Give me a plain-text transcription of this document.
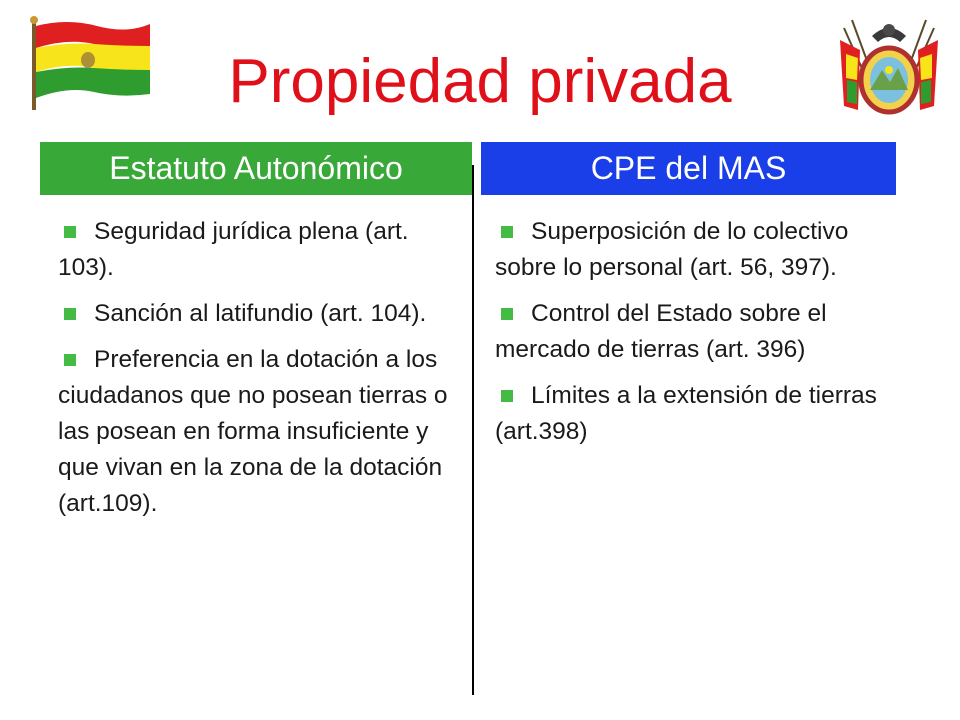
Propiedad privada
Estatuto Autonómico	CPE del MAS
Seguridad jurídica plena (art. 103).
Sanción al latifundio (art. 104).
Preferencia en la dotación a los ciudadanos que no posean tierras o las posean en forma insuficiente y que vivan en la zona de la dotación (art.109).
Superposición de lo colectivo sobre lo personal (art. 56, 397).
Control del Estado sobre el mercado de tierras (art. 396)
Límites a la extensión de tierras (art.398)
